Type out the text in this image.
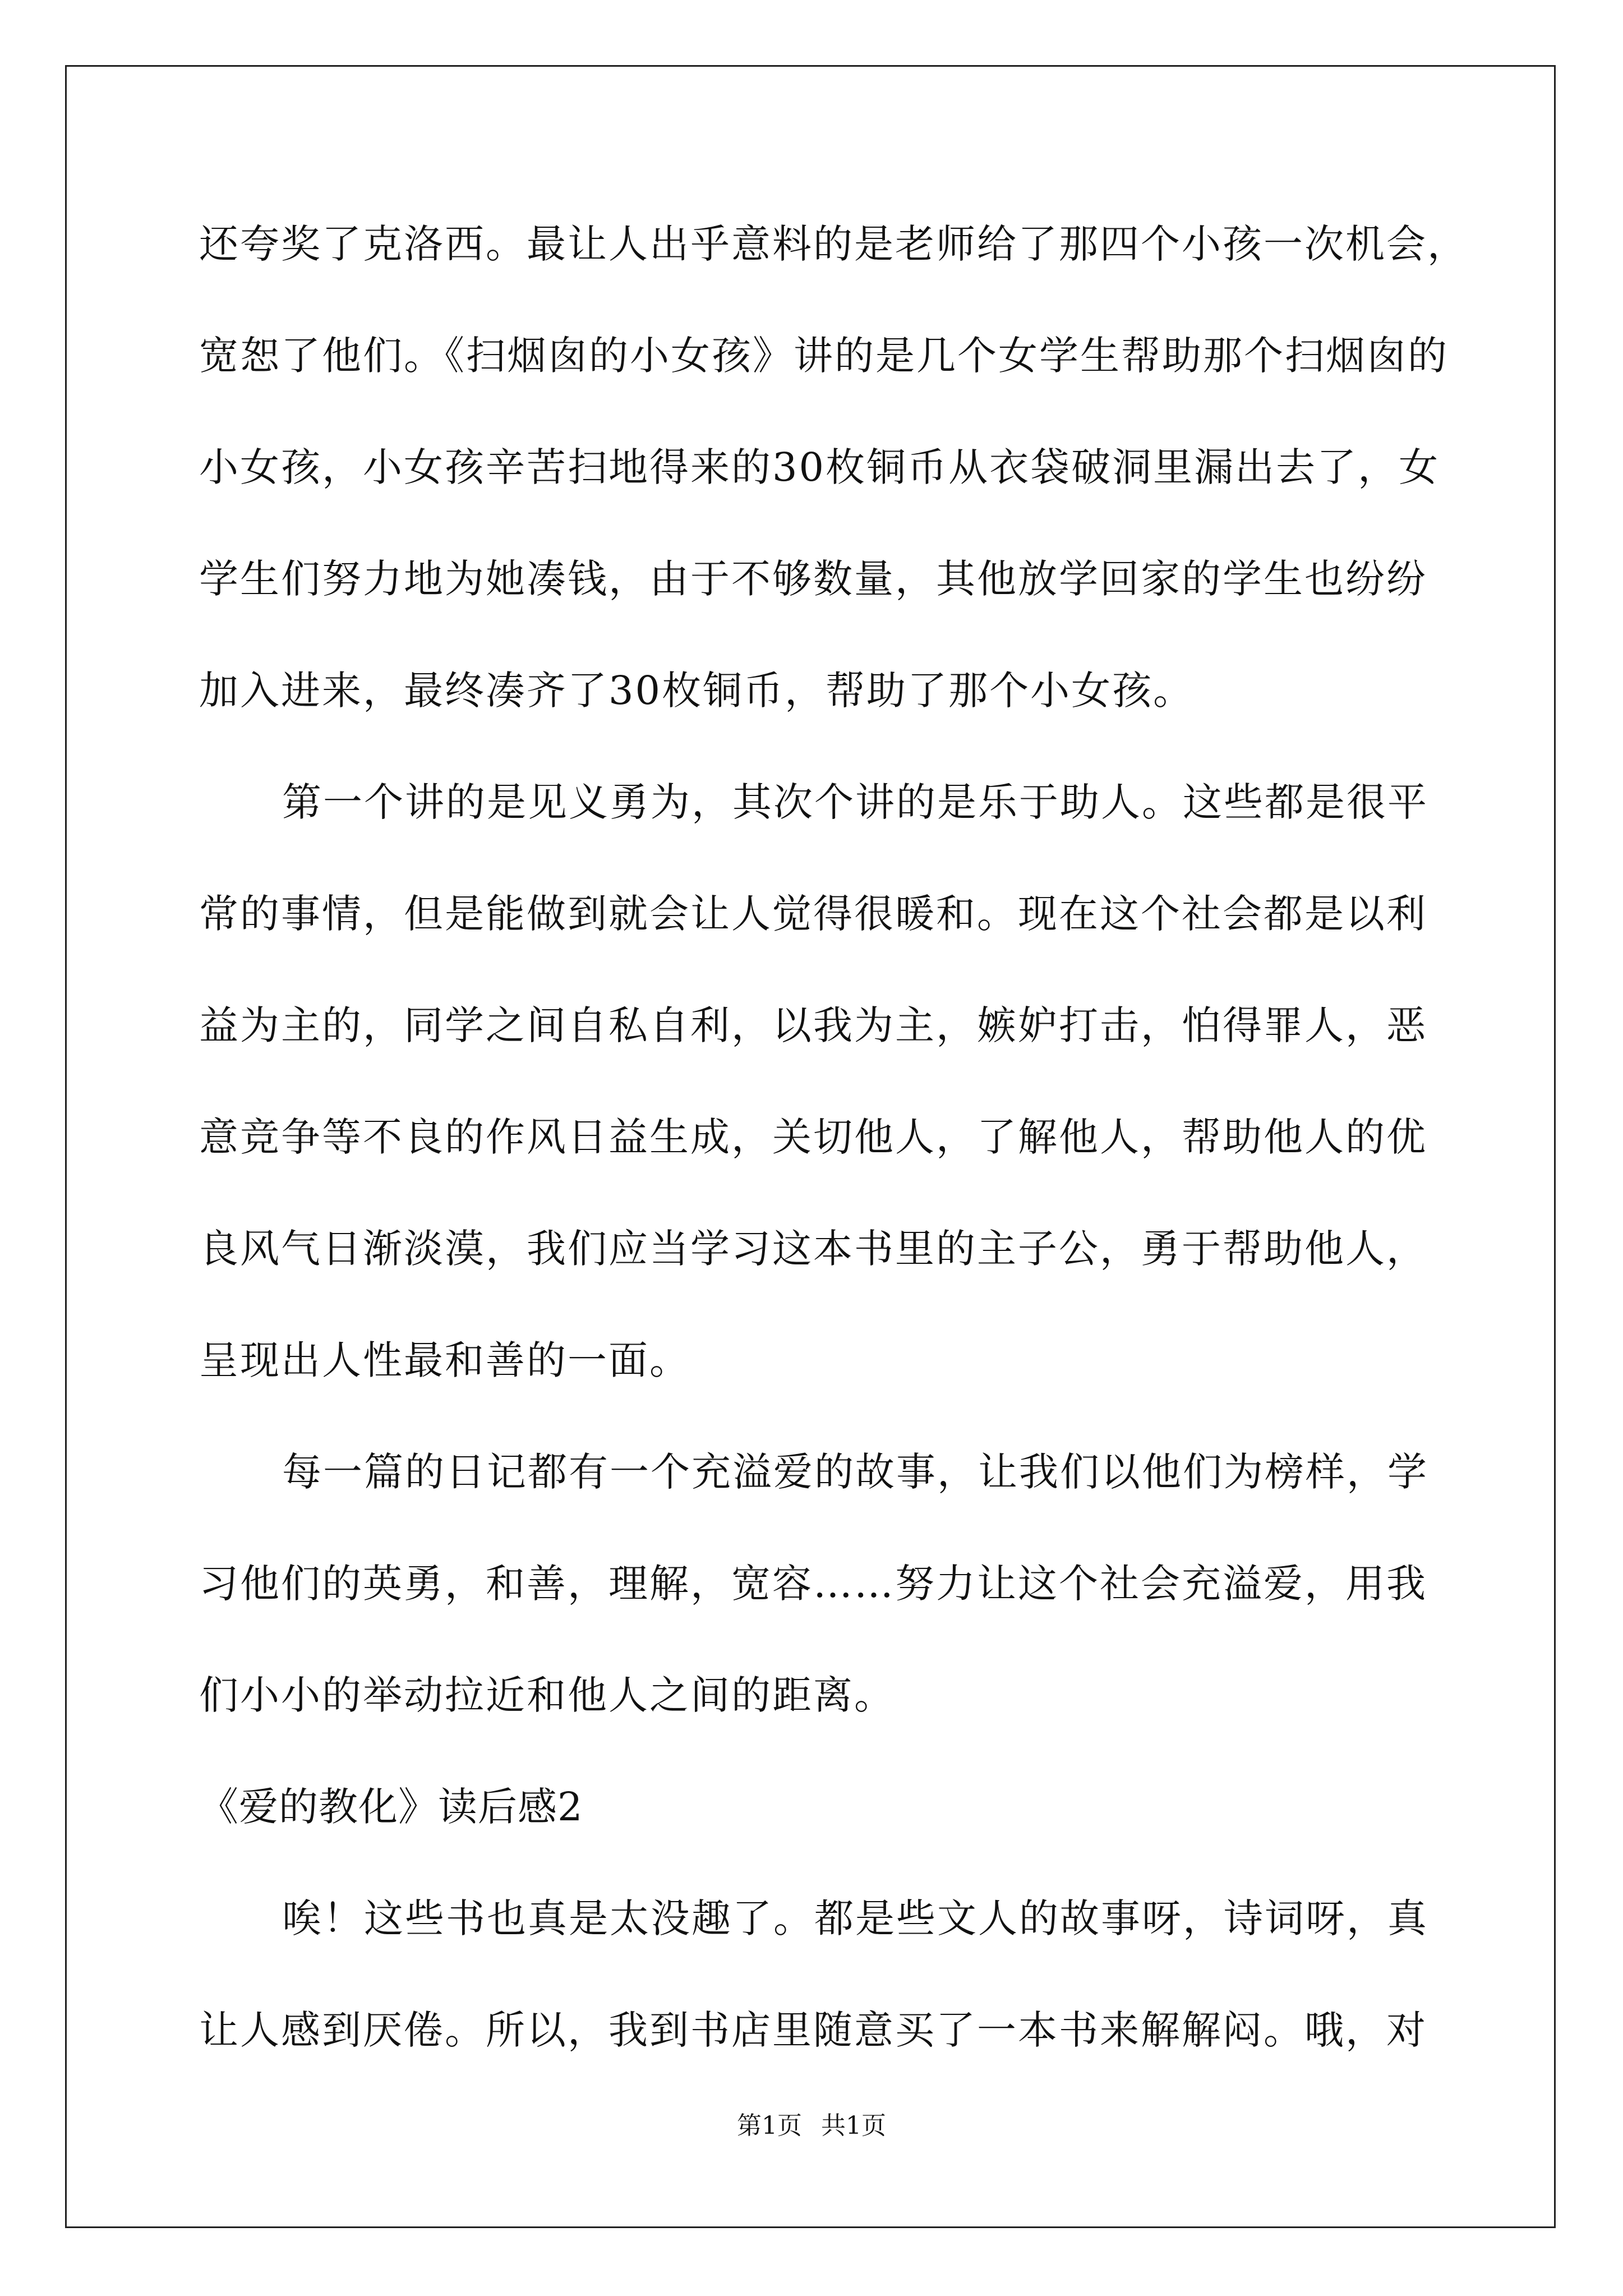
还夸奖了克洛西。最让人出乎意料的是老师给了那四个小孩一次机会，
宽恕了他们。《扫烟囱的小女孩》讲的是几个女学生帮助那个扫烟囱的
小女孩，小女孩辛苦扫地得来的30枚铜币从衣袋破洞里漏出去了，女
学生们努力地为她凑钱，由于不够数量，其他放学回家的学生也纷纷
加入进来，最终凑齐了30枚铜币，帮助了那个小女孩。
第一个讲的是见义勇为，其次个讲的是乐于助人。这些都是很平
常的事情，但是能做到就会让人觉得很暖和。现在这个社会都是以利
益为主的，同学之间自私自利，以我为主，嫉妒打击，怕得罪人，恶
意竞争等不良的作风日益生成，关切他人，了解他人，帮助他人的优
良风气日渐淡漠，我们应当学习这本书里的主子公，勇于帮助他人，
呈现出人性最和善的一面。
每一篇的日记都有一个充溢爱的故事，让我们以他们为榜样，学
习他们的英勇，和善，理解，宽容……努力让这个社会充溢爱，用我
们小小的举动拉近和他人之间的距离。
《爱的教化》读后感2
唉！这些书也真是太没趣了。都是些文人的故事呀，诗词呀，真
让人感到厌倦。所以，我到书店里随意买了一本书来解解闷。哦，对
第1页 共1页
